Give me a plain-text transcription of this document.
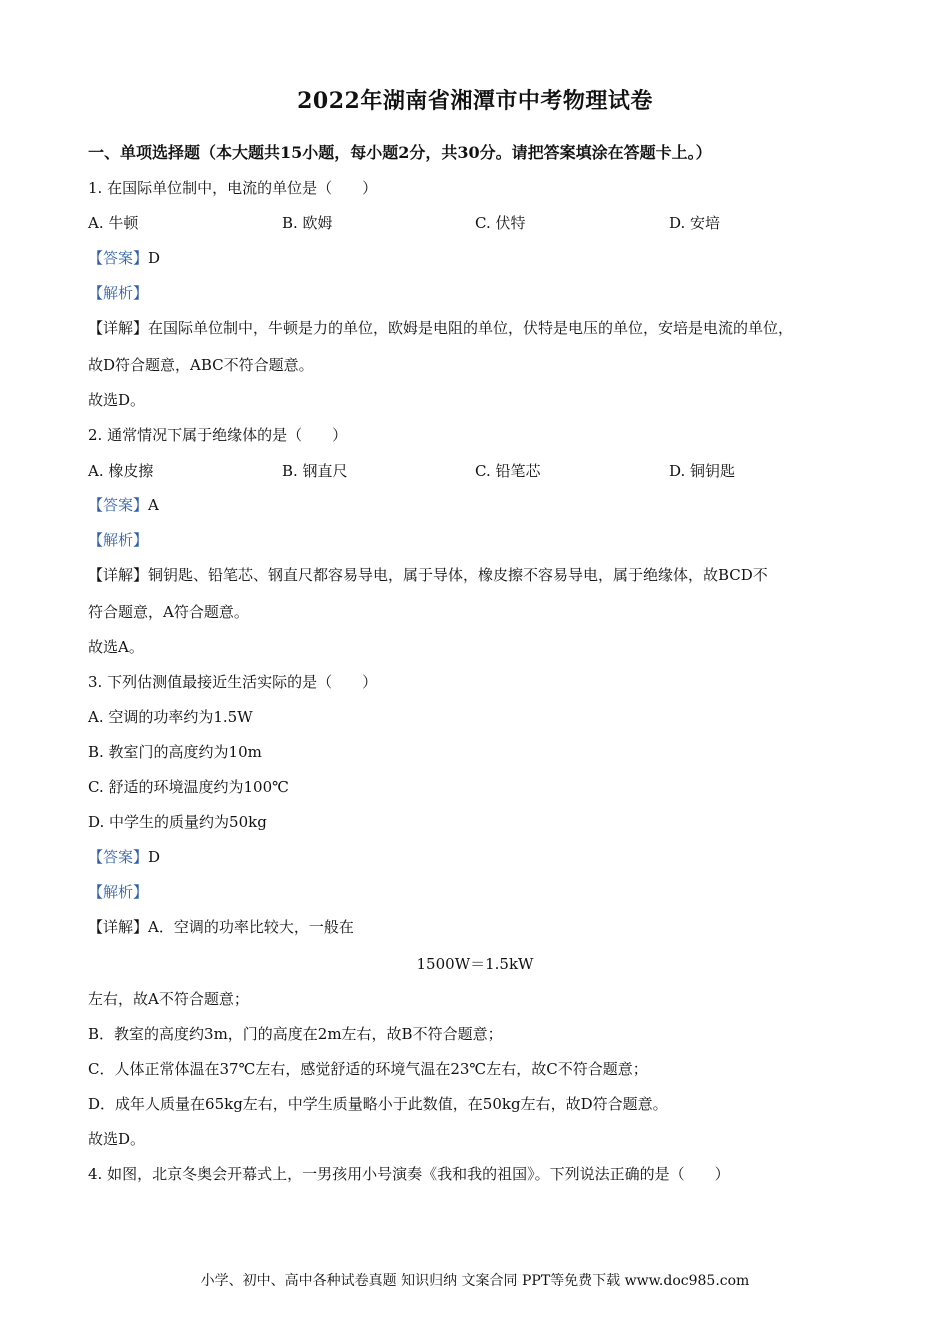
2022年湖南省湘潭市中考物理试卷
一、单项选择题（本大题共15小题，每小题2分，共30分。请把答案填涂在答题卡上。）
1. 在国际单位制中，电流的单位是（　　）
A. 牛顿	B. 欧姆	C. 伏特	D. 安培
【答案】D
【解析】
【详解】在国际单位制中，牛顿是力的单位，欧姆是电阻的单位，伏特是电压的单位，安培是电流的单位，
故D符合题意，ABC不符合题意。
故选D。
2. 通常情况下属于绝缘体的是（　　）
A. 橡皮擦	B. 钢直尺	C. 铅笔芯	D. 铜钥匙
【答案】A
【解析】
【详解】铜钥匙、铅笔芯、钢直尺都容易导电，属于导体，橡皮擦不容易导电，属于绝缘体，故BCD不
符合题意，A符合题意。
故选A。
3. 下列估测值最接近生活实际的是（　　）
A. 空调的功率约为1.5W
B. 教室门的高度约为10m
C. 舒适的环境温度约为100℃
D. 中学生的质量约为50kg
【答案】D
【解析】
【详解】A．空调的功率比较大，一般在
1500W＝1.5kW
左右，故A不符合题意；
B．教室的高度约3m，门的高度在2m左右，故B不符合题意；
C．人体正常体温在37℃左右，感觉舒适的环境气温在23℃左右，故C不符合题意；
D．成年人质量在65kg左右，中学生质量略小于此数值，在50kg左右，故D符合题意。
故选D。
4. 如图，北京冬奥会开幕式上，一男孩用小号演奏《我和我的祖国》。下列说法正确的是（　　）
小学、初中、高中各种试卷真题 知识归纳 文案合同 PPT等免费下载 www.doc985.com
